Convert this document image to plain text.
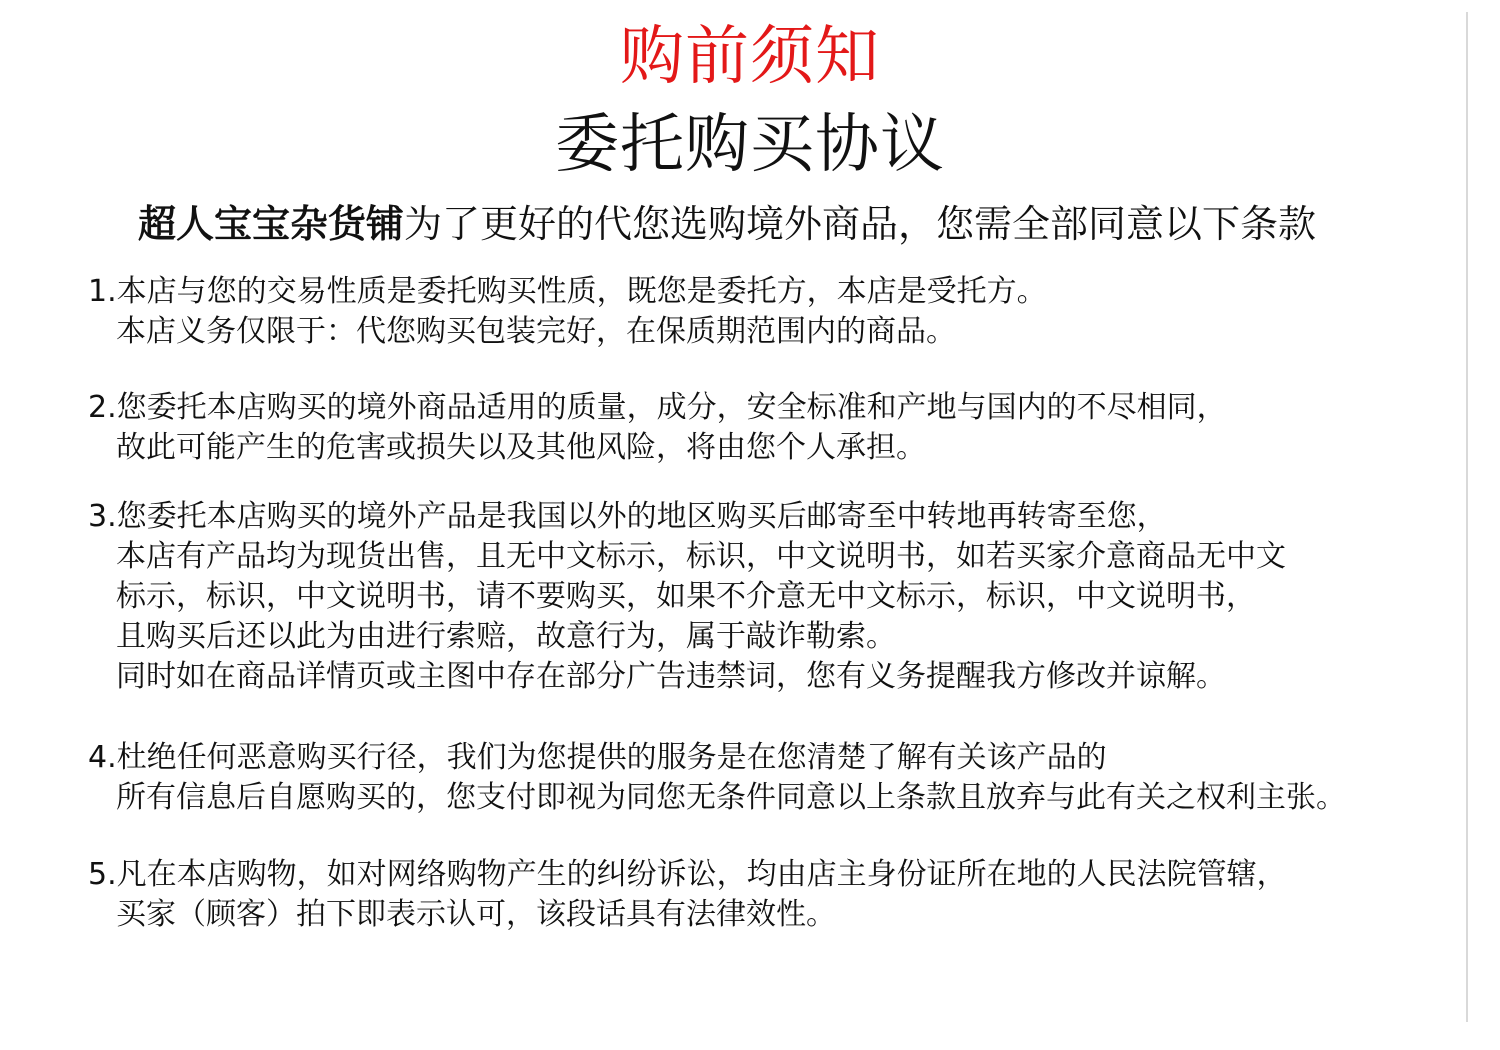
购前须知
委托购买协议
超人宝宝杂货铺为了更好的代您选购境外商品，您需全部同意以下条款
1.本店与您的交易性质是委托购买性质，既您是委托方，本店是受托方。
本店义务仅限于：代您购买包装完好，在保质期范围内的商品。
2.您委托本店购买的境外商品适用的质量，成分，安全标准和产地与国内的不尽相同，
故此可能产生的危害或损失以及其他风险，将由您个人承担。
3.您委托本店购买的境外产品是我国以外的地区购买后邮寄至中转地再转寄至您，
本店有产品均为现货出售，且无中文标示，标识，中文说明书，如若买家介意商品无中文
标示，标识，中文说明书，请不要购买，如果不介意无中文标示，标识，中文说明书，
且购买后还以此为由进行索赔，故意行为，属于敲诈勒索。
同时如在商品详情页或主图中存在部分广告违禁词，您有义务提醒我方修改并谅解。
4.杜绝任何恶意购买行径，我们为您提供的服务是在您清楚了解有关该产品的
所有信息后自愿购买的，您支付即视为同您无条件同意以上条款且放弃与此有关之权利主张。
5.凡在本店购物，如对网络购物产生的纠纷诉讼，均由店主身份证所在地的人民法院管辖，
买家（顾客）拍下即表示认可，该段话具有法律效性。
